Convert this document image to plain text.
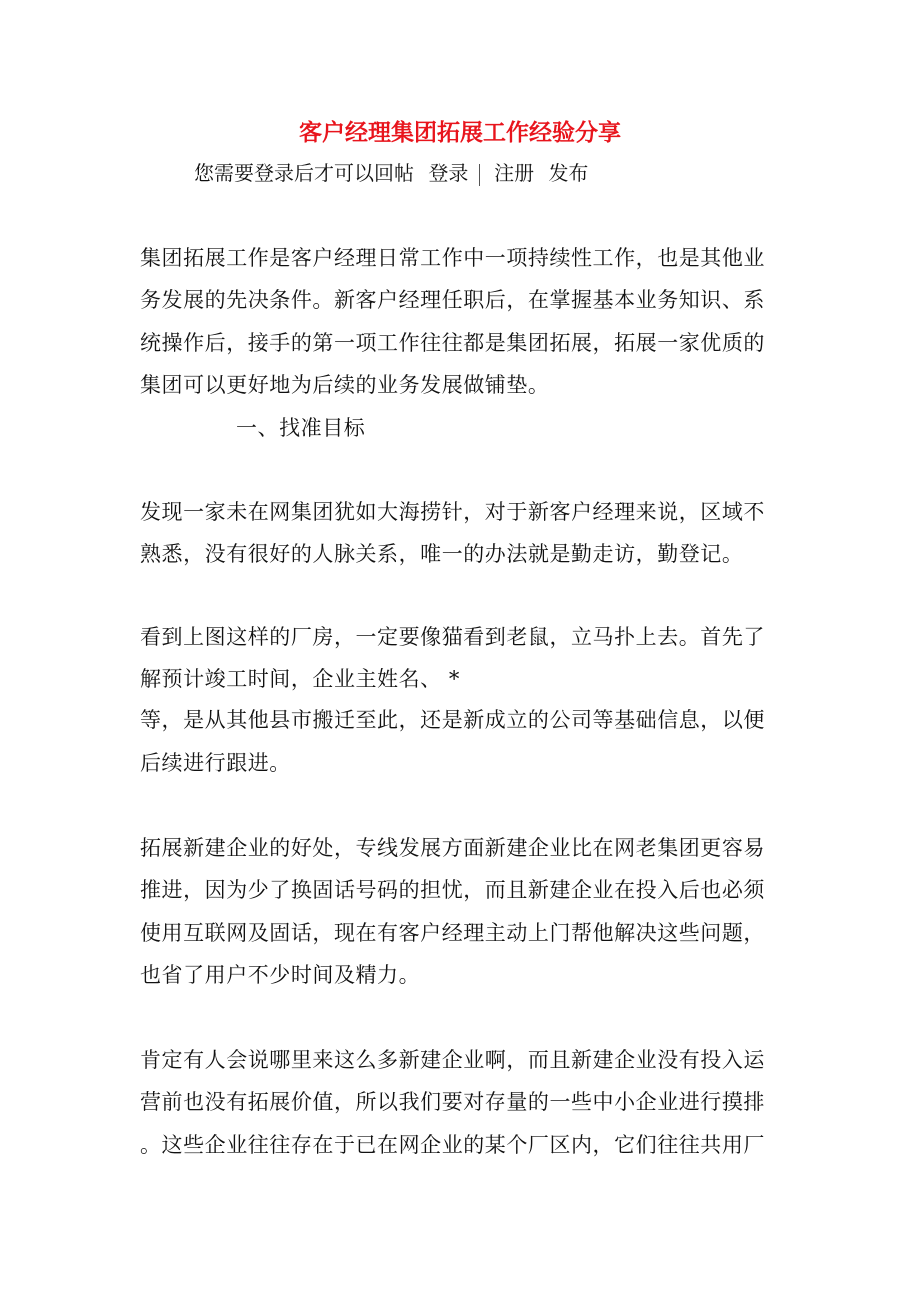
客户经理集团拓展工作经验分享
您需要登录后才可以回帖 登录 注册 发布
集团拓展工作是客户经理日常工作中一项持续性工作，也是其他业
务发展的先决条件。新客户经理任职后，在掌握基本业务知识、系
统操作后，接手的第一项工作往往都是集团拓展，拓展一家优质的
集团可以更好地为后续的业务发展做铺垫。
一、找准目标
发现一家未在网集团犹如大海捞针，对于新客户经理来说，区域不
熟悉，没有很好的人脉关系，唯一的办法就是勤走访，勤登记。
看到上图这样的厂房，一定要像猫看到老鼠，立马扑上去。首先了
解预计竣工时间，企业主姓名、 *
等，是从其他县市搬迁至此，还是新成立的公司等基础信息，以便
后续进行跟进。
拓展新建企业的好处，专线发展方面新建企业比在网老集团更容易
推进，因为少了换固话号码的担忧，而且新建企业在投入后也必须
使用互联网及固话，现在有客户经理主动上门帮他解决这些问题，
也省了用户不少时间及精力。
肯定有人会说哪里来这么多新建企业啊，而且新建企业没有投入运
营前也没有拓展价值，所以我们要对存量的一些中小企业进行摸排
。这些企业往往存在于已在网企业的某个厂区内，它们往往共用厂
